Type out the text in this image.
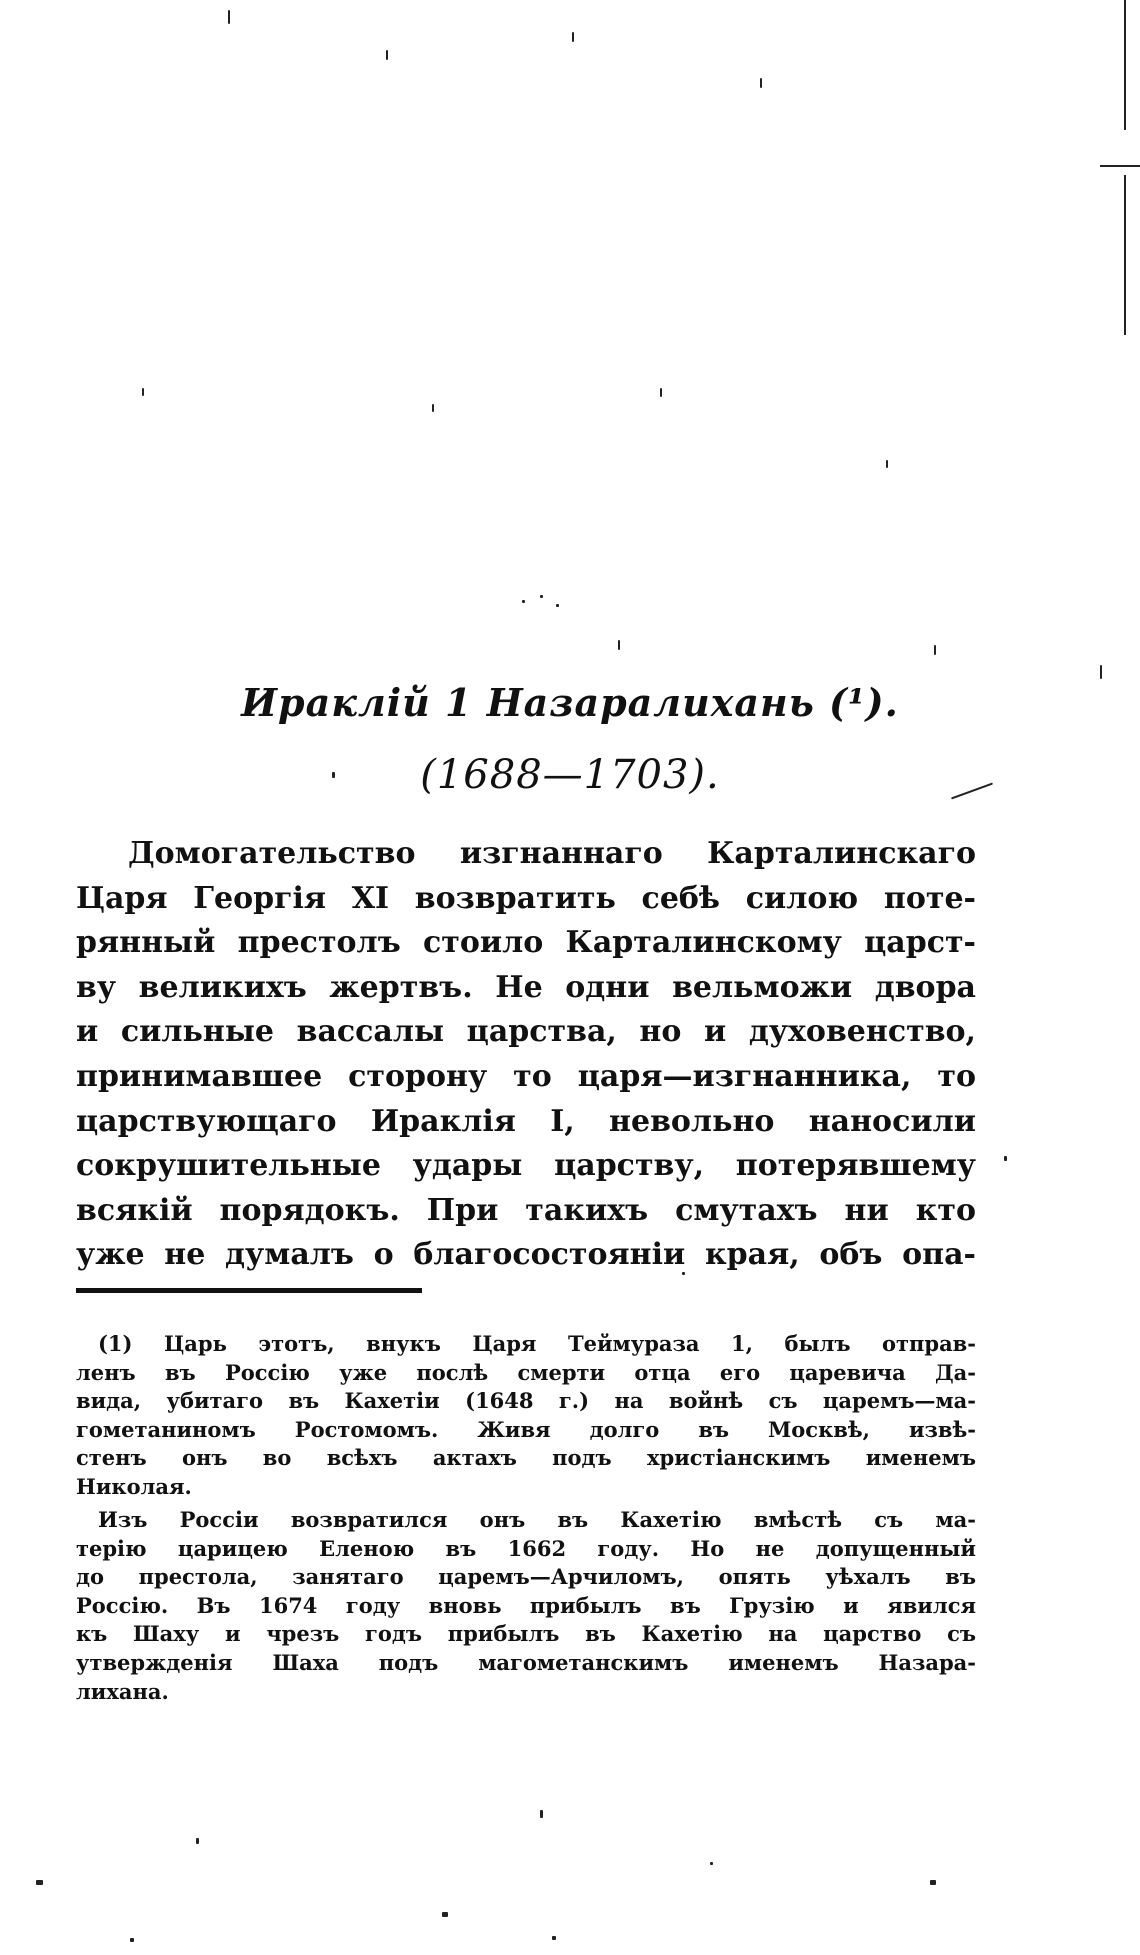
Ираклій 1 Назаралихань (¹).
(1688—1703).
Домогательство изгнаннаго Карталинскаго
Царя Георгія XI возвратить себѣ силою поте-
рянный престолъ стоило Карталинскому царст-
ву великихъ жертвъ. Не одни вельможи двора
и сильные вассалы царства, но и духовенство,
принимавшее сторону то царя—изгнанника, то
царствующаго Ираклія I, невольно наносили
сокрушительные удары царству, потерявшему
всякій порядокъ. При такихъ смутахъ ни кто
уже не думалъ о благосостояніи края, объ опа-
(1) Царь этотъ, внукъ Царя Теймураза 1, былъ отправ-
ленъ въ Россію уже послѣ смерти отца его царевича Да-
вида, убитаго въ Кахетіи (1648 г.) на войнѣ съ царемъ—ма-
гометаниномъ Ростомомъ. Живя долго въ Москвѣ, извѣ-
стенъ онъ во всѣхъ актахъ подъ христіанскимъ именемъ
Николая.
Изъ Россіи возвратился онъ въ Кахетію вмѣстѣ съ ма-
терію царицею Еленою въ 1662 году. Но не допущенный
до престола, занятаго царемъ—Арчиломъ, опять уѣхалъ въ
Россію. Въ 1674 году вновь прибылъ въ Грузію и явился
къ Шаху и чрезъ годъ прибылъ въ Кахетію на царство съ
утвержденія Шаха подъ магометанскимъ именемъ Назара-
лихана.
